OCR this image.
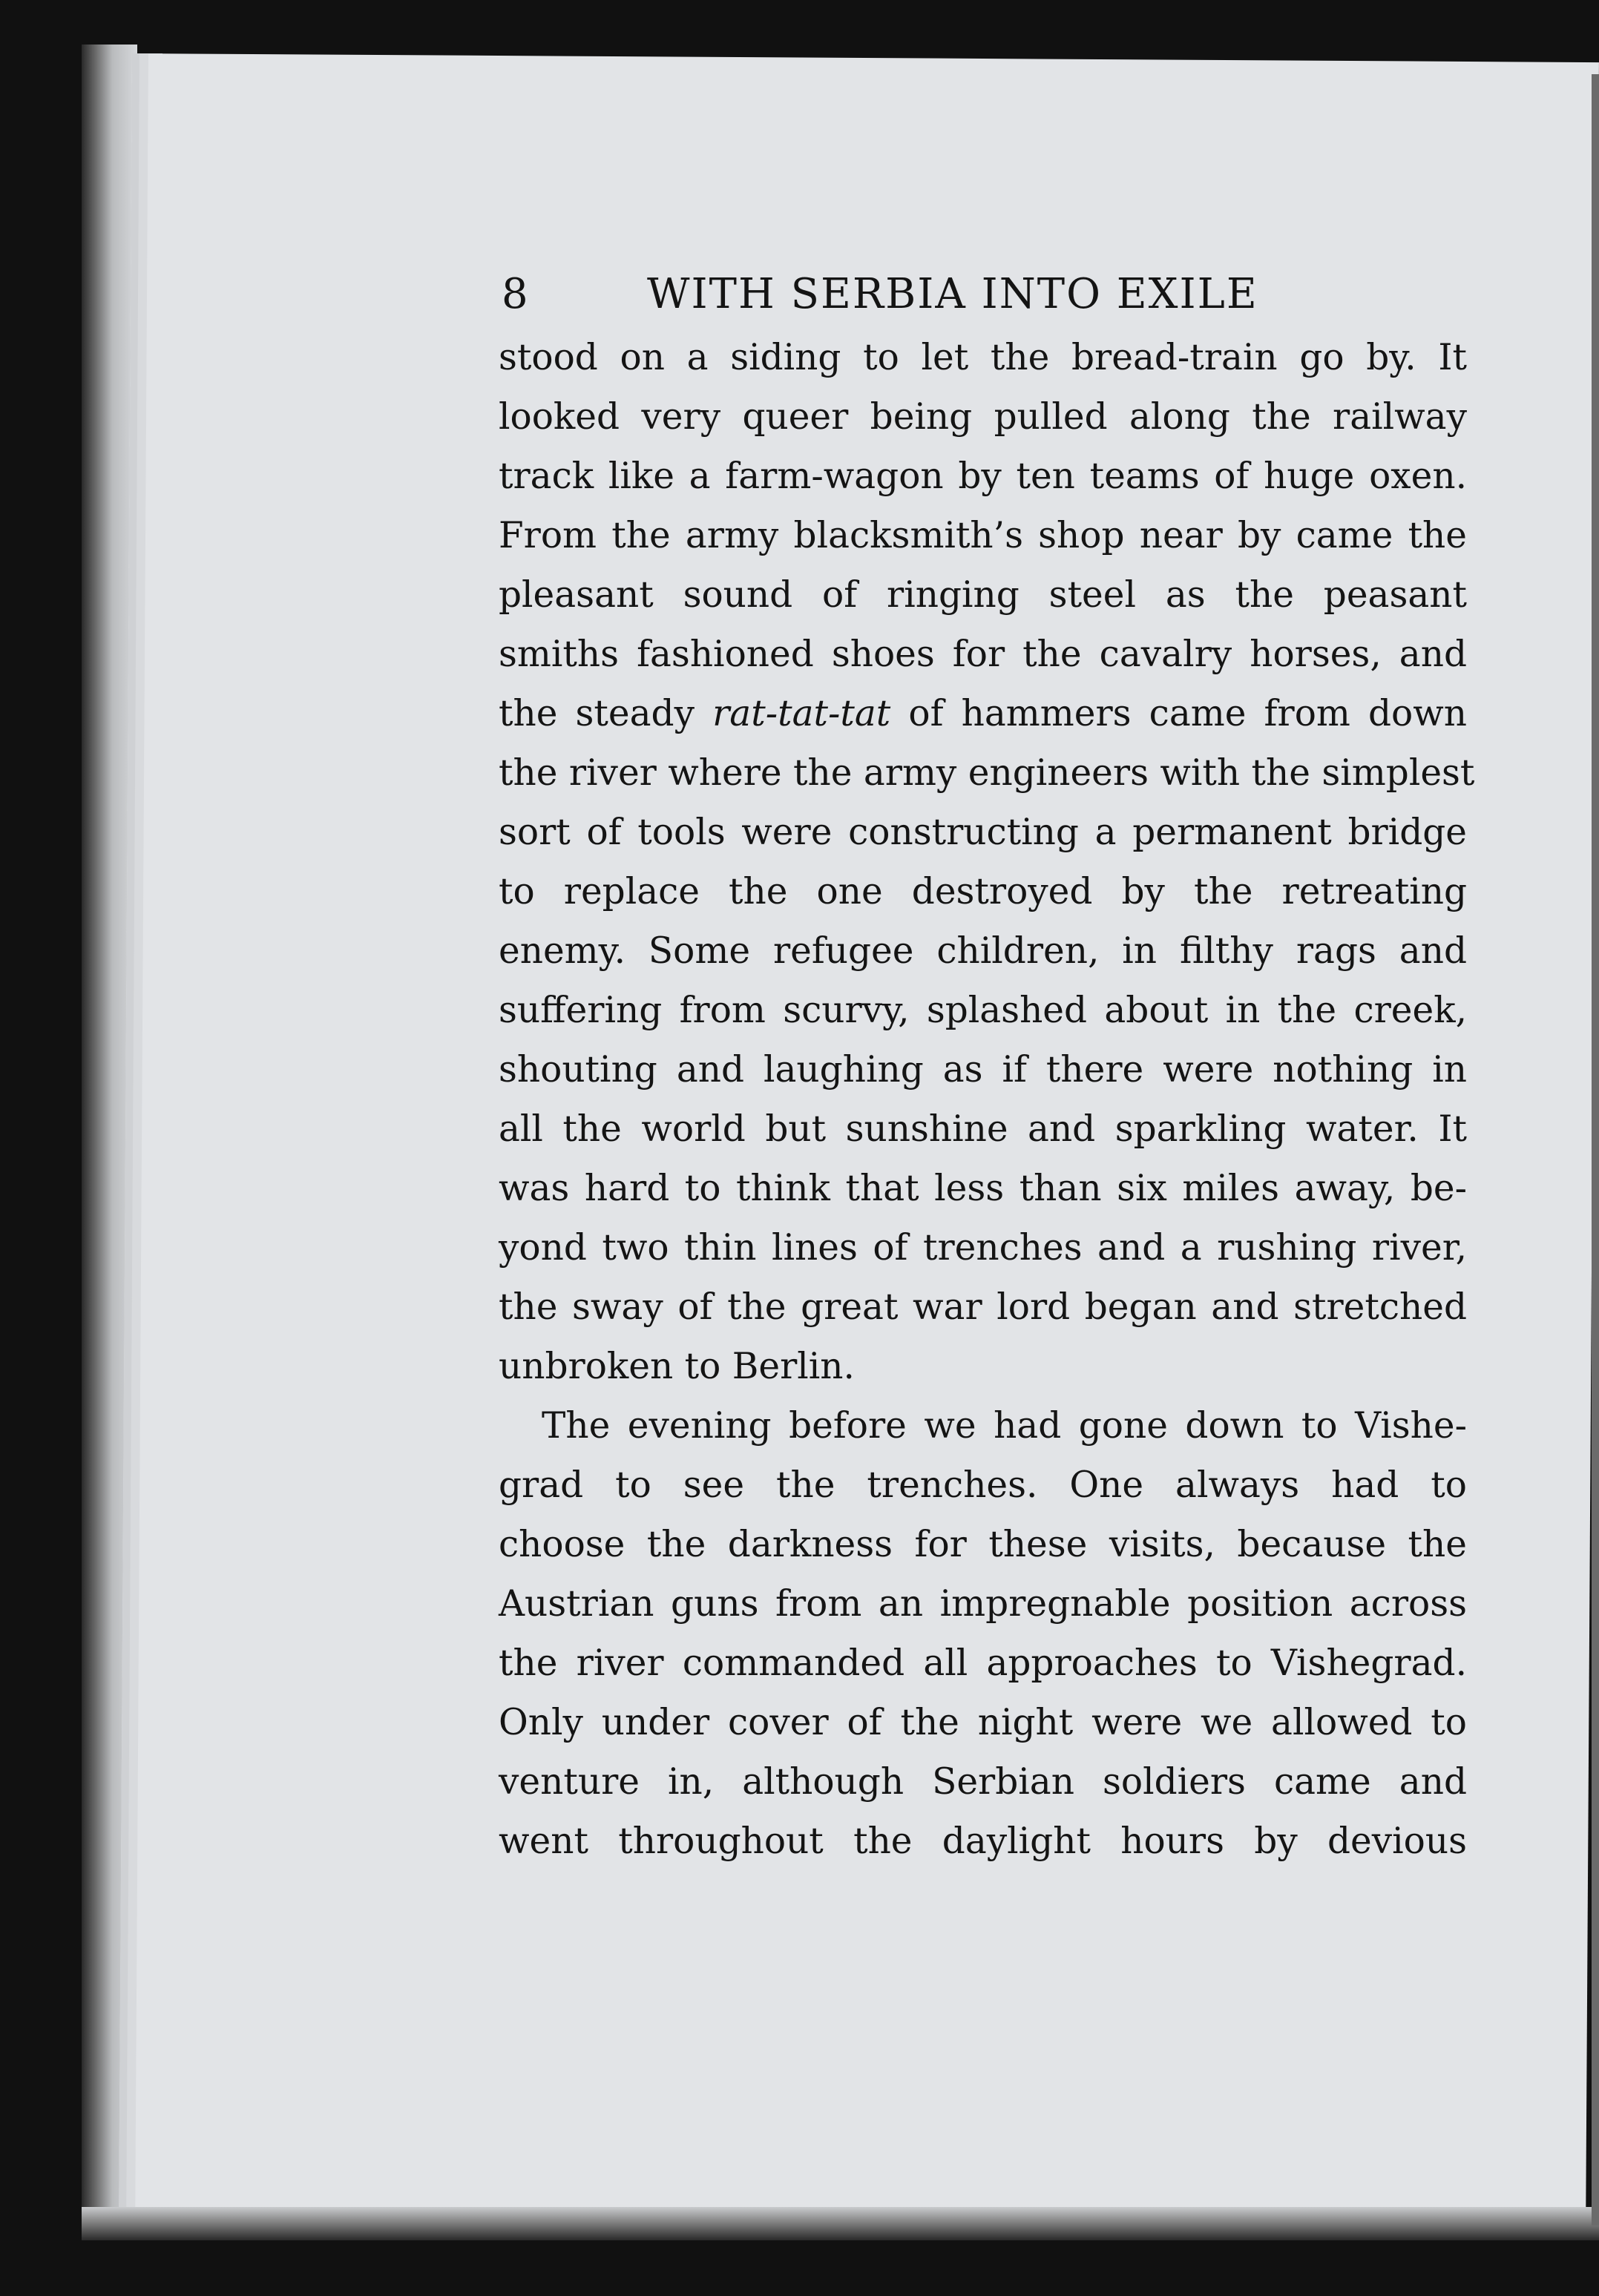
8	WITH SERBIA INTO EXILE
stood on a siding to let the bread-train go by. It
looked very queer being pulled along the railway
track like a farm-wagon by ten teams of huge oxen.
From the army blacksmith’s shop near by came the
pleasant sound of ringing steel as the peasant
smiths fashioned shoes for the cavalry horses, and
the steady rat-tat-tat of hammers came from down
the river where the army engineers with the simplest
sort of tools were constructing a permanent bridge
to replace the one destroyed by the retreating
enemy. Some refugee children, in filthy rags and
suffering from scurvy, splashed about in the creek,
shouting and laughing as if there were nothing in
all the world but sunshine and sparkling water. It
was hard to think that less than six miles away, be-
yond two thin lines of trenches and a rushing river,
the sway of the great war lord began and stretched
unbroken to Berlin.
The evening before we had gone down to Vishe-
grad to see the trenches. One always had to
choose the darkness for these visits, because the
Austrian guns from an impregnable position across
the river commanded all approaches to Vishegrad.
Only under cover of the night were we allowed to
venture in, although Serbian soldiers came and
went throughout the daylight hours by devious
